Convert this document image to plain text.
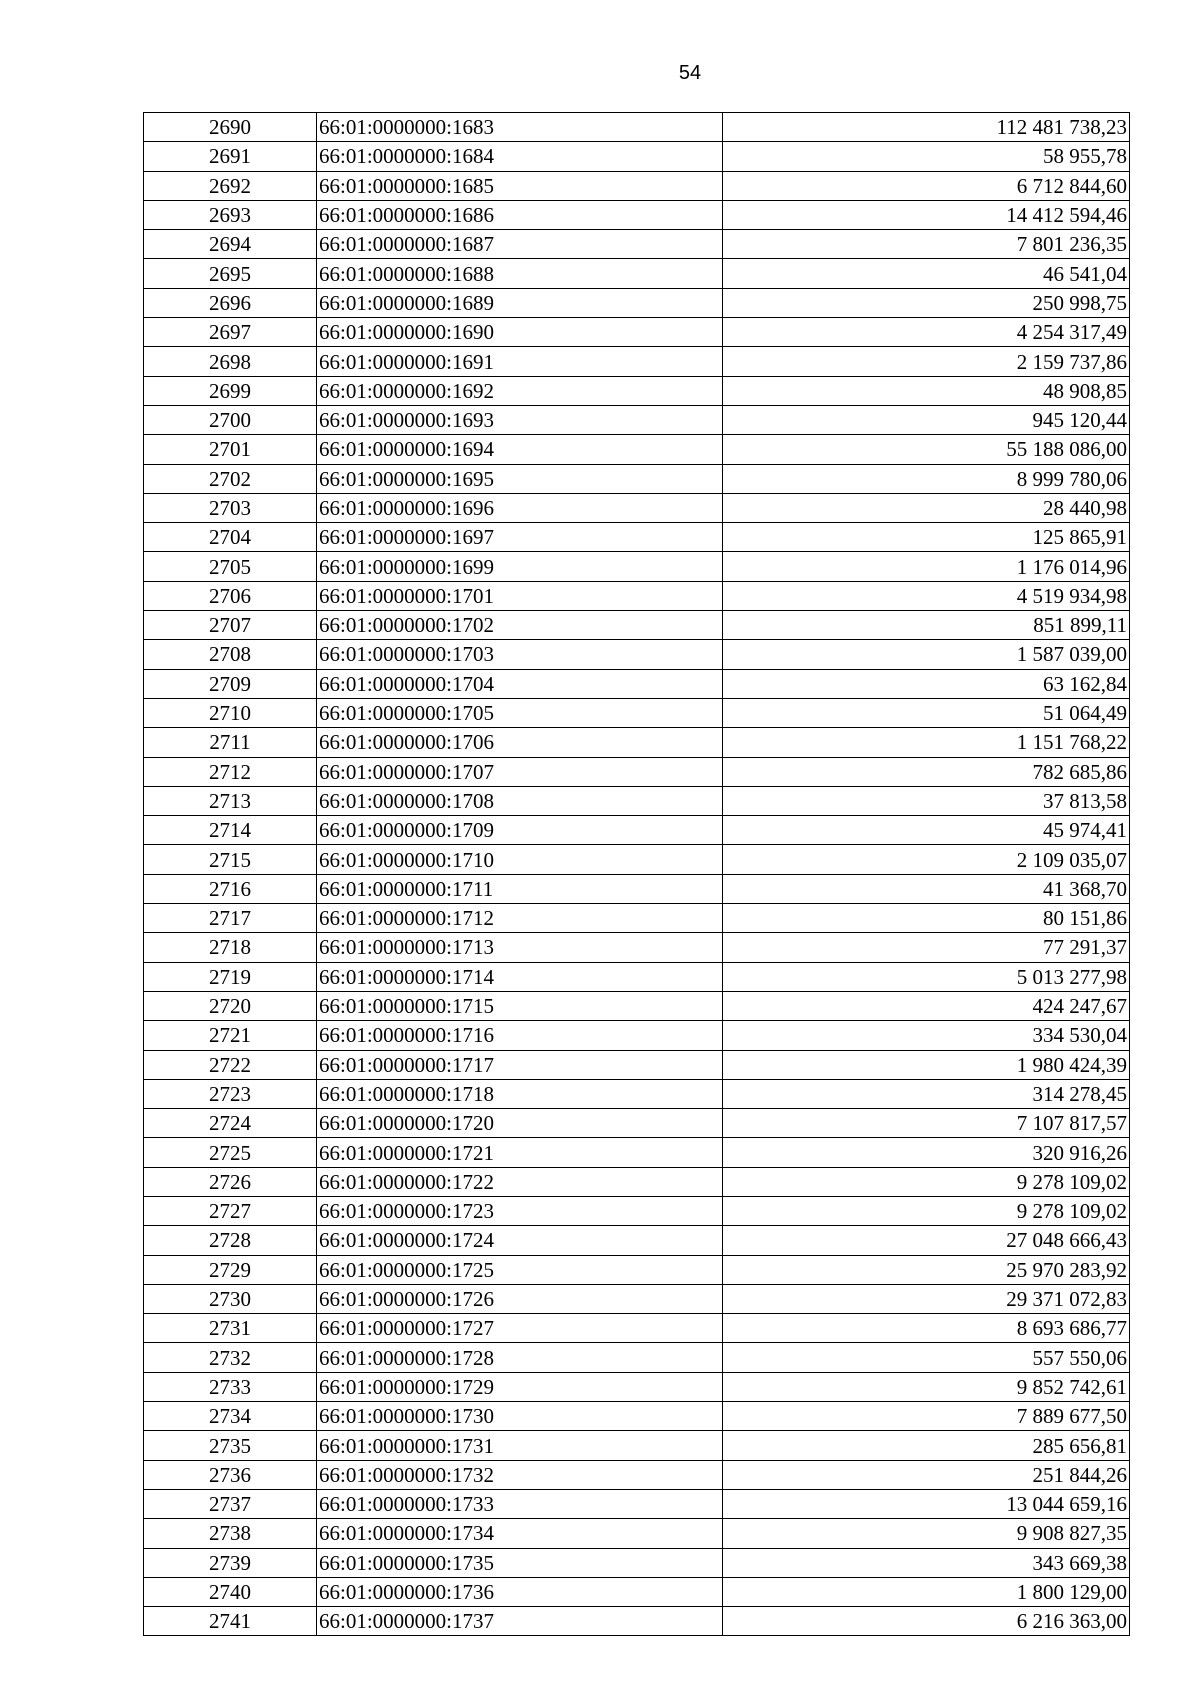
54
2690	66:01:0000000:1683	112 481 738,23
2691	66:01:0000000:1684	58 955,78
2692	66:01:0000000:1685	6 712 844,60
2693	66:01:0000000:1686	14 412 594,46
2694	66:01:0000000:1687	7 801 236,35
2695	66:01:0000000:1688	46 541,04
2696	66:01:0000000:1689	250 998,75
2697	66:01:0000000:1690	4 254 317,49
2698	66:01:0000000:1691	2 159 737,86
2699	66:01:0000000:1692	48 908,85
2700	66:01:0000000:1693	945 120,44
2701	66:01:0000000:1694	55 188 086,00
2702	66:01:0000000:1695	8 999 780,06
2703	66:01:0000000:1696	28 440,98
2704	66:01:0000000:1697	125 865,91
2705	66:01:0000000:1699	1 176 014,96
2706	66:01:0000000:1701	4 519 934,98
2707	66:01:0000000:1702	851 899,11
2708	66:01:0000000:1703	1 587 039,00
2709	66:01:0000000:1704	63 162,84
2710	66:01:0000000:1705	51 064,49
2711	66:01:0000000:1706	1 151 768,22
2712	66:01:0000000:1707	782 685,86
2713	66:01:0000000:1708	37 813,58
2714	66:01:0000000:1709	45 974,41
2715	66:01:0000000:1710	2 109 035,07
2716	66:01:0000000:1711	41 368,70
2717	66:01:0000000:1712	80 151,86
2718	66:01:0000000:1713	77 291,37
2719	66:01:0000000:1714	5 013 277,98
2720	66:01:0000000:1715	424 247,67
2721	66:01:0000000:1716	334 530,04
2722	66:01:0000000:1717	1 980 424,39
2723	66:01:0000000:1718	314 278,45
2724	66:01:0000000:1720	7 107 817,57
2725	66:01:0000000:1721	320 916,26
2726	66:01:0000000:1722	9 278 109,02
2727	66:01:0000000:1723	9 278 109,02
2728	66:01:0000000:1724	27 048 666,43
2729	66:01:0000000:1725	25 970 283,92
2730	66:01:0000000:1726	29 371 072,83
2731	66:01:0000000:1727	8 693 686,77
2732	66:01:0000000:1728	557 550,06
2733	66:01:0000000:1729	9 852 742,61
2734	66:01:0000000:1730	7 889 677,50
2735	66:01:0000000:1731	285 656,81
2736	66:01:0000000:1732	251 844,26
2737	66:01:0000000:1733	13 044 659,16
2738	66:01:0000000:1734	9 908 827,35
2739	66:01:0000000:1735	343 669,38
2740	66:01:0000000:1736	1 800 129,00
2741	66:01:0000000:1737	6 216 363,00
